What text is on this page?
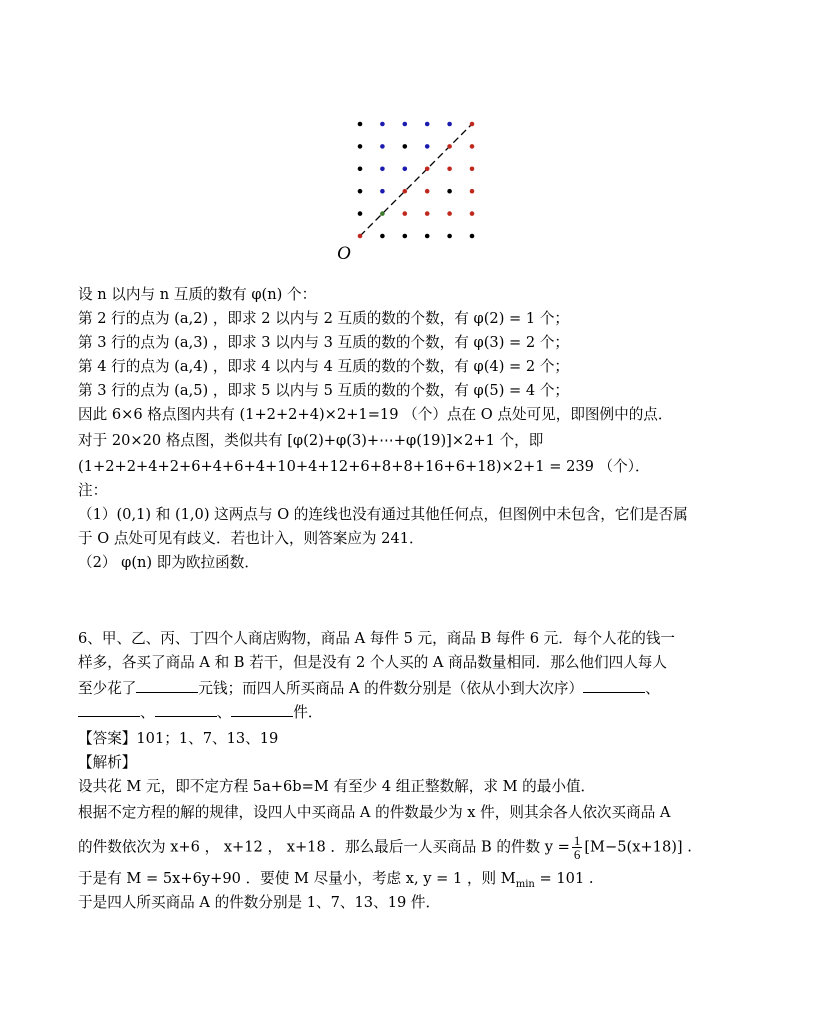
O
设 n 以内与 n 互质的数有 φ(n) 个：
第 2 行的点为 (a,2) ，即求 2 以内与 2 互质的数的个数，有 φ(2) = 1 个；
第 3 行的点为 (a,3) ，即求 3 以内与 3 互质的数的个数，有 φ(3) = 2 个；
第 4 行的点为 (a,4) ，即求 4 以内与 4 互质的数的个数，有 φ(4) = 2 个；
第 3 行的点为 (a,5) ，即求 5 以内与 5 互质的数的个数，有 φ(5) = 4 个；
因此 6×6 格点图内共有 (1+2+2+4)×2+1=19 （个）点在 O 点处可见，即图例中的点．
对于 20×20 格点图，类似共有 [φ(2)+φ(3)+⋯+φ(19)]×2+1 个，即
(1+2+2+4+2+6+4+6+4+10+4+12+6+8+8+16+6+18)×2+1 = 239 （个）．
注：
（1）(0,1) 和 (1,0) 这两点与 O 的连线也没有通过其他任何点，但图例中未包含，它们是否属
于 O 点处可见有歧义．若也计入，则答案应为 241．
（2） φ(n) 即为欧拉函数．
6、甲、乙、丙、丁四个人商店购物，商品 A 每件 5 元，商品 B 每件 6 元．每个人花的钱一
样多，各买了商品 A 和 B 若干，但是没有 2 个人买的 A 商品数量相同．那么他们四人每人
至少花了	元钱；而四人所买商品 A 的件数分别是（依从小到大次序）	、
、	、	件．
【答案】101；1、7、13、19
【解析】
设共花 M 元，即不定方程 5a+6b=M 有至少 4 组正整数解，求 M 的最小值．
根据不定方程的解的规律，设四人中买商品 A 的件数最少为 x 件，则其余各人依次买商品 A
的件数依次为 x+6 ， x+12 ， x+18 ．那么最后一人买商品 B 的件数 $y = \frac{1}{6} [M-5(x+18)]$ .
于是有 M = 5x+6y+90 ．要使 M 尽量小，考虑 x, y = 1 ，则 $M_{min} = 101$ .
于是四人所买商品 A 的件数分别是 1、7、13、19 件．
